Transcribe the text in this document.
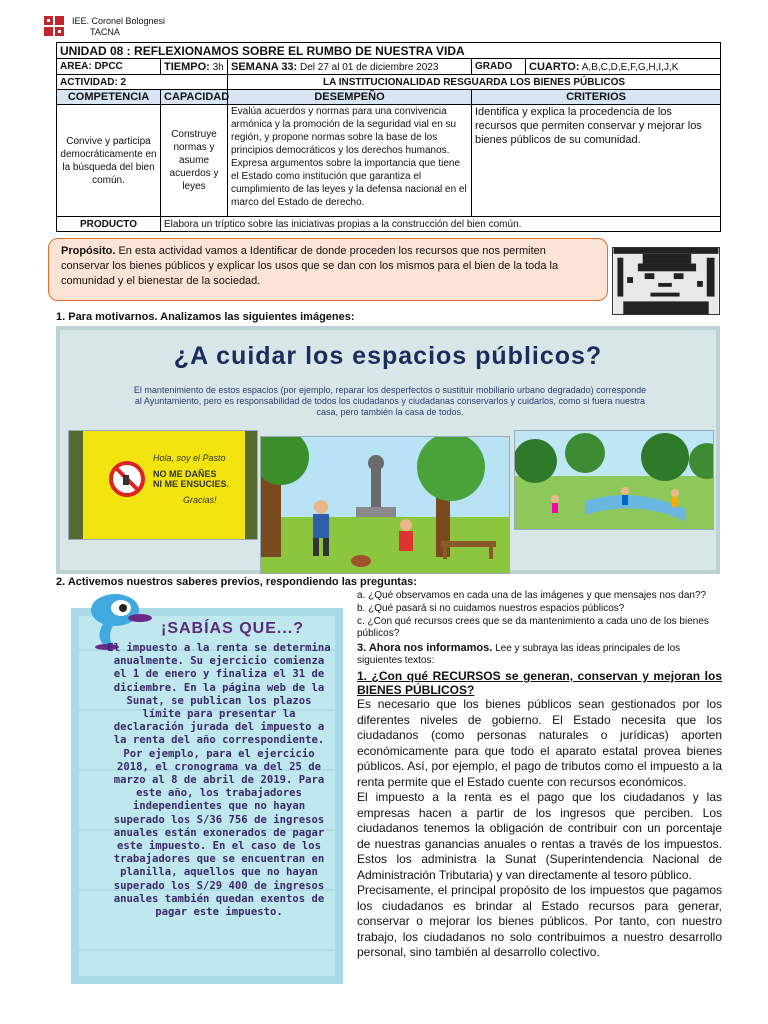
IEE. Coronel Bolognesi
TACNA
UNIDAD 08 : REFLEXIONAMOS SOBRE EL RUMBO DE NUESTRA VIDA				
AREA: DPCC	TIEMPO: 3h	SEMANA 33: Del 27 al 01 de diciembre 2023	GRADO	CUARTO: A,B,C,D,E,F,G,H,I,J,K
ACTIVIDAD: 2		LA INSTITUCIONALIDAD RESGUARDA LOS BIENES PÚBLICOS		
COMPETENCIA	CAPACIDAD	DESEMPEÑO	CRITERIOS	
Convive y participa democráticamente en la búsqueda del bien común.	Construye normas y asume acuerdos y leyes	Evalúa acuerdos y normas para una convivencia armónica y la promoción de la seguridad vial en su región, y propone normas sobre la base de los principios democráticos y los derechos humanos. Expresa argumentos sobre la importancia que tiene el Estado como institución que garantiza el cumplimiento de las leyes y la defensa nacional en el marco del Estado de derecho.	Identifica y explica la procedencia de los recursos que permiten conservar y mejorar los bienes públicos de su comunidad.	
PRODUCTO	Elabora un tríptico sobre las iniciativas propias a la construcción del bien común.			
Propósito. En esta actividad vamos a Identificar de donde proceden los recursos que nos permiten conservar los bienes públicos y explicar los usos que se dan con los mismos para el bien de la toda la comunidad y el bienestar de la sociedad.
1. Para motivarnos. Analizamos las siguientes imágenes:
¿A cuidar los espacios públicos?
El mantenimiento de estos espacios (por ejemplo, reparar los desperfectos o sustituir mobiliario urbano degradado) corresponde al Ayuntamiento, pero es responsabilidad de todos los ciudadanos y ciudadanas conservarlos y cuidarlos, como si fuera nuestra casa, pero también la casa de todos.
Hola, soy el Pasto
NO ME DAÑES
NI ME ENSUCIES.
Gracias!
2. Activemos nuestros saberes previos, respondiendo las preguntas:
¡SABÍAS QUE...?
El impuesto a la renta se determina anualmente. Su ejercicio comienza el 1 de enero y finaliza el 31 de diciembre. En la página web de la Sunat, se publican los plazos límite para presentar la declaración jurada del impuesto a la renta del año correspondiente. Por ejemplo, para el ejercicio 2018, el cronograma va del 25 de marzo al 8 de abril de 2019. Para este año, los trabajadores independientes que no hayan superado los S/36 756 de ingresos anuales están exonerados de pagar este impuesto. En el caso de los trabajadores que se encuentran en planilla, aquellos que no hayan superado los S/29 400 de ingresos anuales también quedan exentos de pagar este impuesto.
a. ¿Qué observamos en cada una de las imágenes y que mensajes nos dan??
b. ¿Qué pasará si no cuidamos nuestros espacios públicos?
c. ¿Con qué recursos crees que se da mantenimiento a cada uno de los bienes públicos?
3. Ahora nos informamos. Lee y subraya las ideas principales de los siguientes textos:
1. ¿Con qué RECURSOS se generan, conservan y mejoran los BIENES PÚBLICOS?
Es necesario que los bienes públicos sean gestionados por los diferentes niveles de gobierno. El Estado necesita que los ciudadanos (como personas naturales o jurídicas) aporten económicamente para que todo el aparato estatal provea bienes públicos. Así, por ejemplo, el pago de tributos como el impuesto a la renta permite que el Estado cuente con recursos económicos.
El impuesto a la renta es el pago que los ciudadanos y las empresas hacen a partir de los ingresos que perciben. Los ciudadanos tenemos la obligación de contribuir con un porcentaje de nuestras ganancias anuales o rentas a través de los impuestos. Estos los administra la Sunat (Superintendencia Nacional de Administración Tributaria) y van directamente al tesoro público.
Precisamente, el principal propósito de los impuestos que pagamos los ciudadanos es brindar al Estado recursos para generar, conservar o mejorar los bienes públicos. Por tanto, con nuestro trabajo, los ciudadanos no solo contribuimos a nuestro desarrollo personal, sino también al desarrollo colectivo.
